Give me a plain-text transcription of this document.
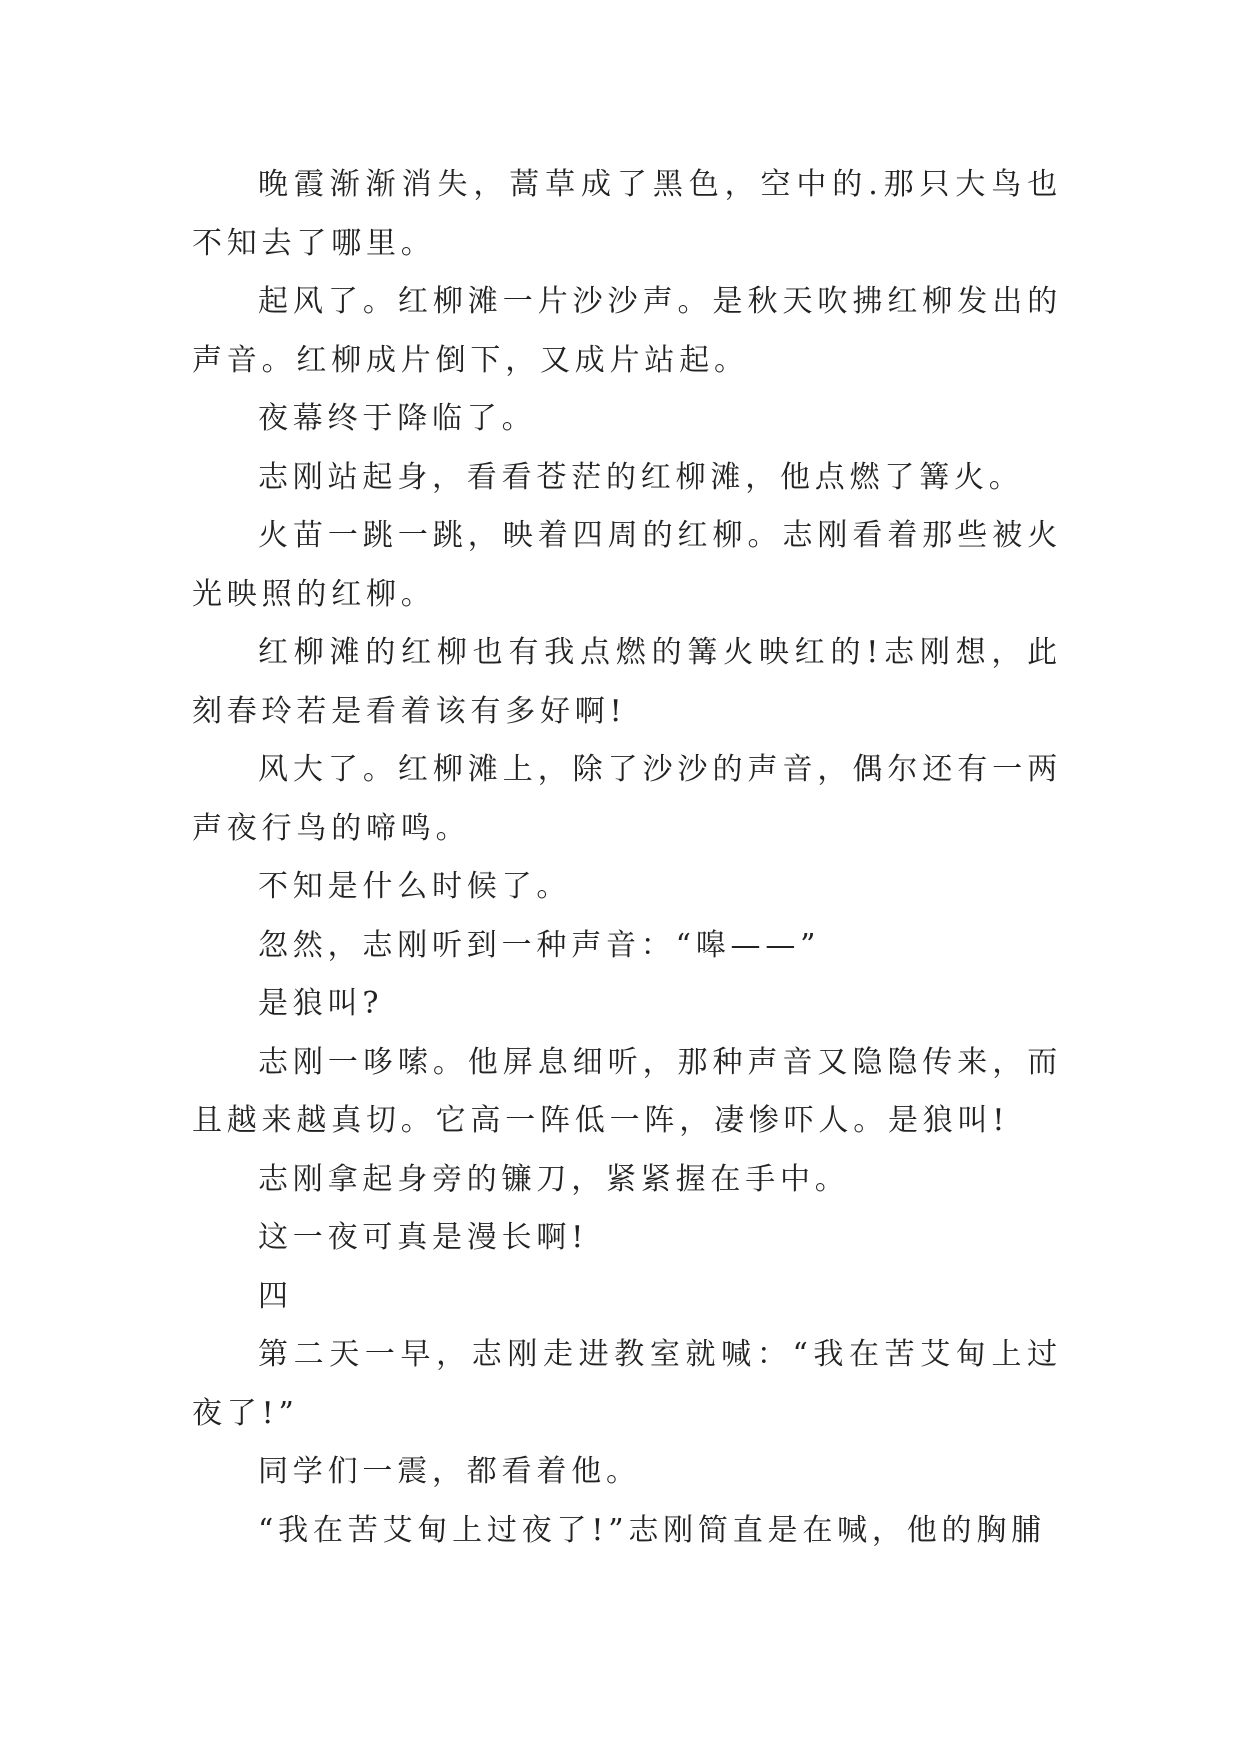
晚霞渐渐消失，蒿草成了黑色，空中的.那只大鸟也不知去了哪里。

起风了。红柳滩一片沙沙声。是秋天吹拂红柳发出的声音。红柳成片倒下，又成片站起。

夜幕终于降临了。

志刚站起身，看看苍茫的红柳滩，他点燃了篝火。

火苗一跳一跳，映着四周的红柳。志刚看着那些被火光映照的红柳。

红柳滩的红柳也有我点燃的篝火映红的!志刚想，此刻春玲若是看着该有多好啊!

风大了。红柳滩上，除了沙沙的声音，偶尔还有一两声夜行鸟的啼鸣。

不知是什么时候了。

忽然，志刚听到一种声音：“嗥——”

是狼叫?

志刚一哆嗦。他屏息细听，那种声音又隐隐传来，而且越来越真切。它高一阵低一阵，凄惨吓人。是狼叫!

志刚拿起身旁的镰刀，紧紧握在手中。

这一夜可真是漫长啊!

四

第二天一早，志刚走进教室就喊：“我在苦艾甸上过夜了!”

同学们一震，都看着他。

“我在苦艾甸上过夜了!”志刚简直是在喊，他的胸脯
